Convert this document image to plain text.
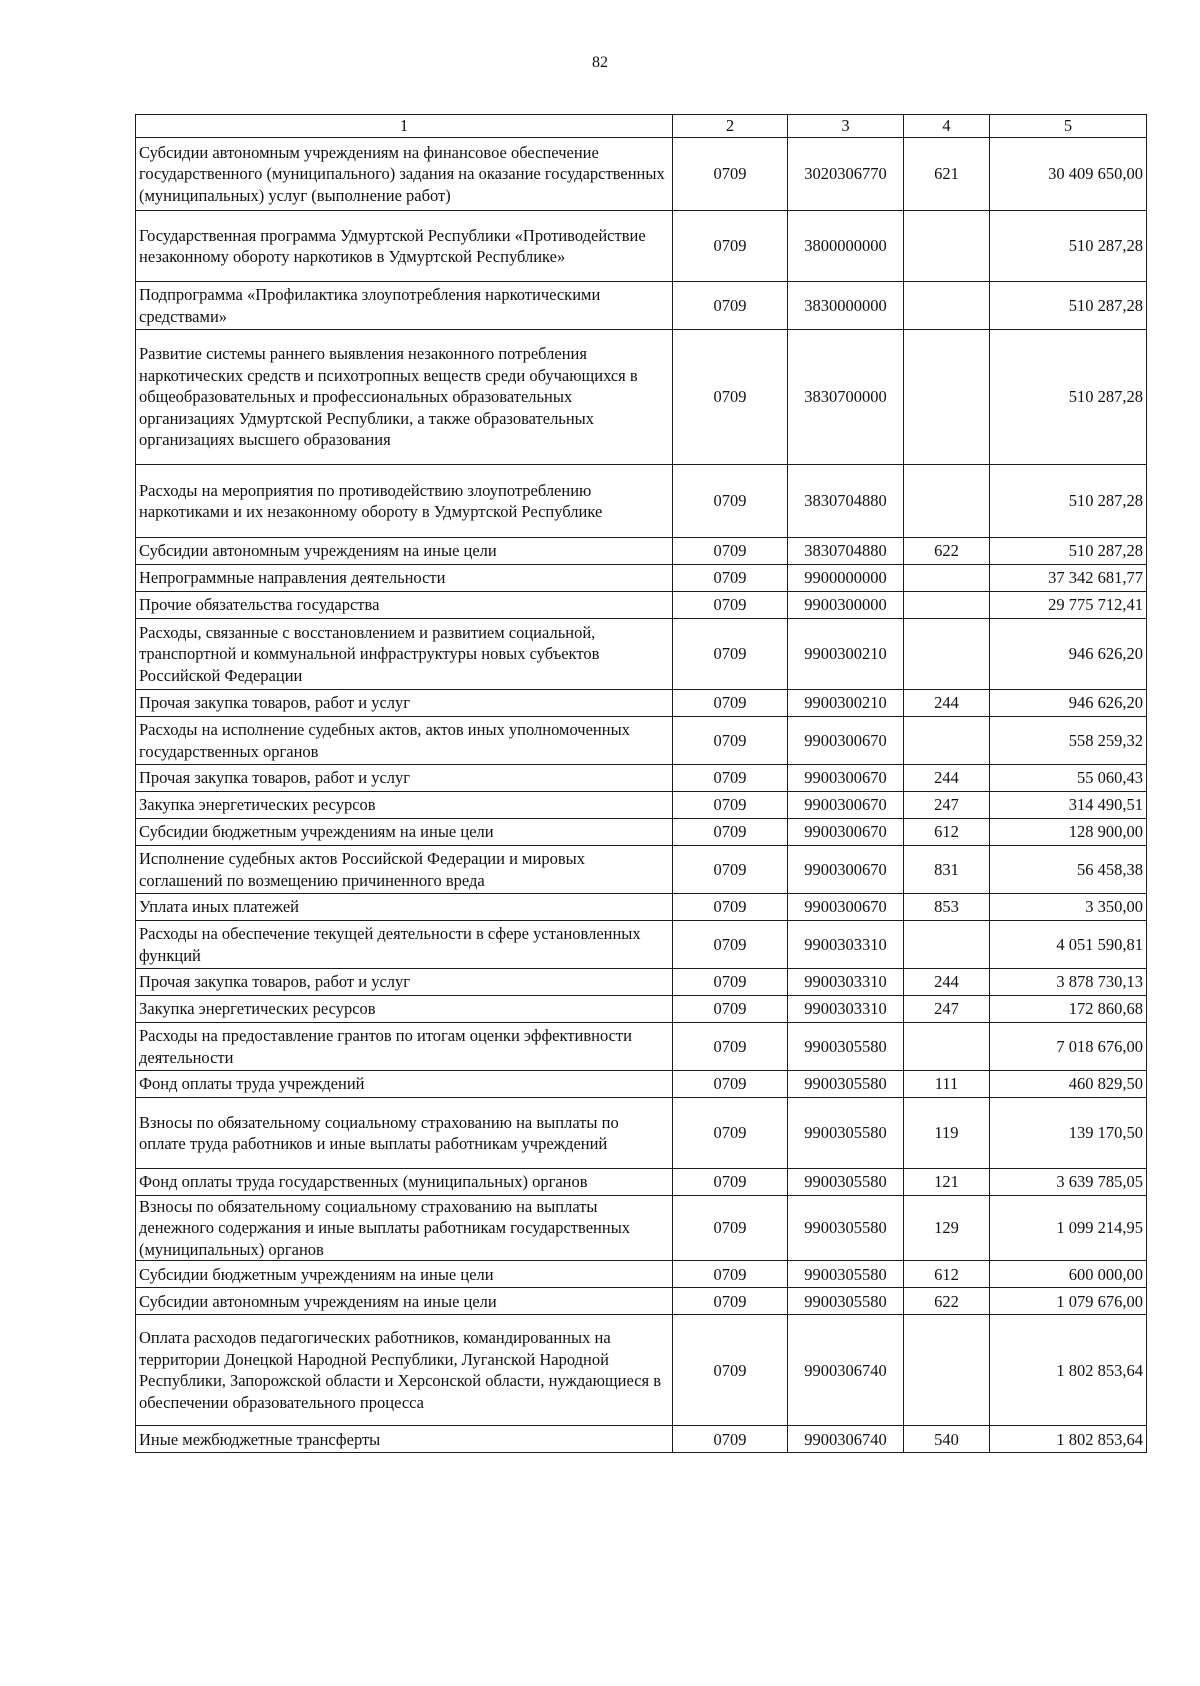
82
1	2	3	4	5
Субсидии автономным учреждениям на финансовое обеспечение государственного (муниципального) задания на оказание государственных (муниципальных) услуг (выполнение работ)	0709	3020306770	621	30 409 650,00
Государственная программа Удмуртской Республики «Противодействие незаконному обороту наркотиков в Удмуртской Республике»	0709	3800000000		510 287,28
Подпрограмма «Профилактика злоупотребления наркотическими средствами»	0709	3830000000		510 287,28
Развитие системы раннего выявления незаконного потребления наркотических средств и психотропных веществ среди обучающихся в общеобразовательных и профессиональных образовательных организациях Удмуртской Республики, а также образовательных организациях высшего образования	0709	3830700000		510 287,28
Расходы на мероприятия по противодействию злоупотреблению наркотиками и их незаконному обороту в Удмуртской Республике	0709	3830704880		510 287,28
Субсидии автономным учреждениям на иные цели	0709	3830704880	622	510 287,28
Непрограммные направления деятельности	0709	9900000000		37 342 681,77
Прочие обязательства государства	0709	9900300000		29 775 712,41
Расходы, связанные с восстановлением и развитием социальной, транспортной и коммунальной инфраструктуры новых субъектов Российской Федерации	0709	9900300210		946 626,20
Прочая закупка товаров, работ и услуг	0709	9900300210	244	946 626,20
Расходы на исполнение судебных актов, актов иных уполномоченных государственных органов	0709	9900300670		558 259,32
Прочая закупка товаров, работ и услуг	0709	9900300670	244	55 060,43
Закупка энергетических ресурсов	0709	9900300670	247	314 490,51
Субсидии бюджетным учреждениям на иные цели	0709	9900300670	612	128 900,00
Исполнение судебных актов Российской Федерации и мировых соглашений по возмещению причиненного вреда	0709	9900300670	831	56 458,38
Уплата иных платежей	0709	9900300670	853	3 350,00
Расходы на обеспечение текущей деятельности в сфере установленных функций	0709	9900303310		4 051 590,81
Прочая закупка товаров, работ и услуг	0709	9900303310	244	3 878 730,13
Закупка энергетических ресурсов	0709	9900303310	247	172 860,68
Расходы на предоставление грантов по итогам оценки эффективности деятельности	0709	9900305580		7 018 676,00
Фонд оплаты труда учреждений	0709	9900305580	111	460 829,50
Взносы по обязательному социальному страхованию на выплаты по оплате труда работников и иные выплаты работникам учреждений	0709	9900305580	119	139 170,50
Фонд оплаты труда государственных (муниципальных) органов	0709	9900305580	121	3 639 785,05
Взносы по обязательному социальному страхованию на выплаты денежного содержания и иные выплаты работникам государственных (муниципальных) органов	0709	9900305580	129	1 099 214,95
Субсидии бюджетным учреждениям на иные цели	0709	9900305580	612	600 000,00
Субсидии автономным учреждениям на иные цели	0709	9900305580	622	1 079 676,00
Оплата расходов педагогических работников, командированных на территории Донецкой Народной Республики, Луганской Народной Республики, Запорожской области и Херсонской области, нуждающиеся в обеспечении образовательного процесса	0709	9900306740		1 802 853,64
Иные межбюджетные трансферты	0709	9900306740	540	1 802 853,64
